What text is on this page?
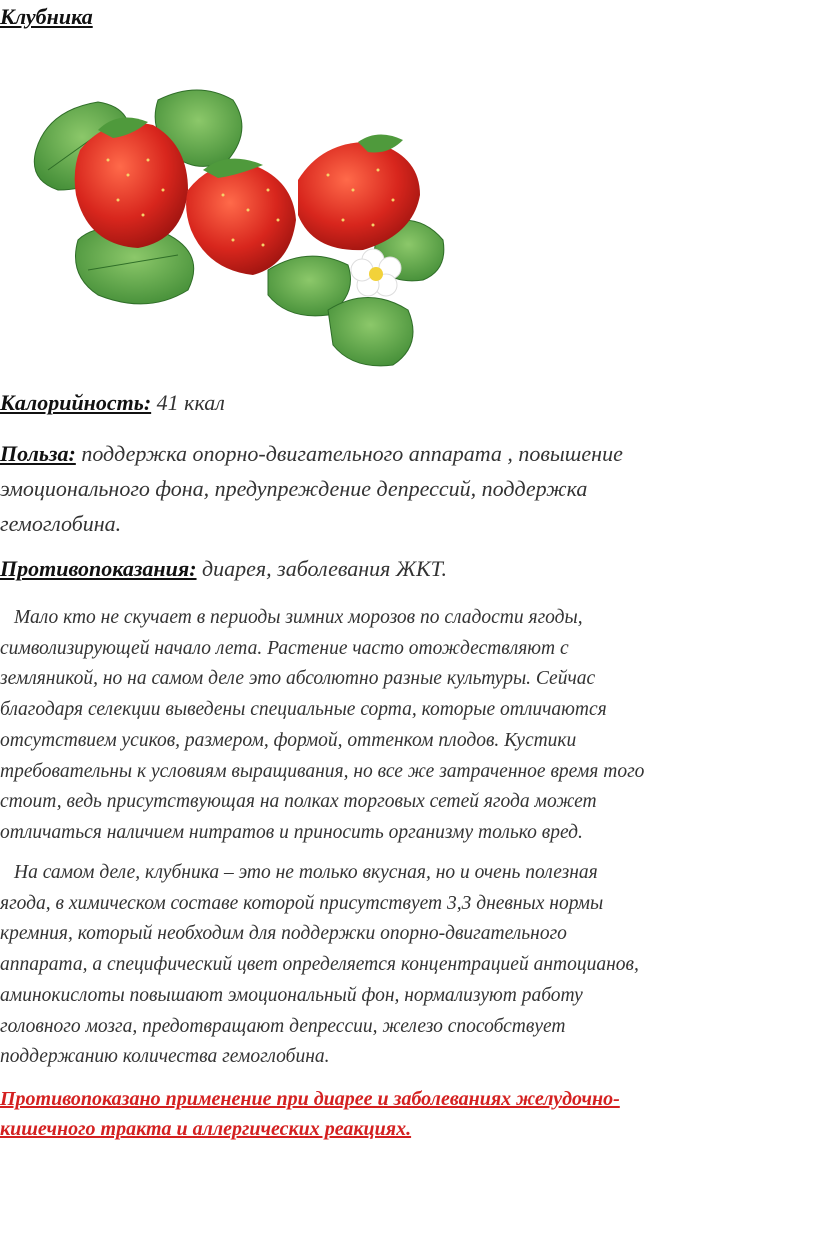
Клубника
Калорийность: 41 ккал
Польза: поддержка опорно-двигательного аппарата , повышение
эмоционального фона, предупреждение депрессий, поддержка
гемоглобина.
Противопоказания: диарея, заболевания ЖКТ.
Мало кто не скучает в периоды зимних морозов по сладости ягоды,
символизирующей начало лета. Растение часто отождествляют с
земляникой, но на самом деле это абсолютно разные культуры. Сейчас
благодаря селекции выведены специальные сорта, которые отличаются
отсутствием усиков, размером, формой, оттенком плодов. Кустики
требовательны к условиям выращивания, но все же затраченное время того
стоит, ведь присутствующая на полках торговых сетей ягода может
отличаться наличием нитратов и приносить организму только вред.
На самом деле, клубника – это не только вкусная, но и очень полезная
ягода, в химическом составе которой присутствует 3,3 дневных нормы
кремния, который необходим для поддержки опорно-двигательного
аппарата, а специфический цвет определяется концентрацией антоцианов,
аминокислоты повышают эмоциональный фон, нормализуют работу
головного мозга, предотвращают депрессии, железо способствует
поддержанию количества гемоглобина.
Противопоказано применение при диарее и заболеваниях желудочно-
кишечного тракта и аллергических реакциях.
